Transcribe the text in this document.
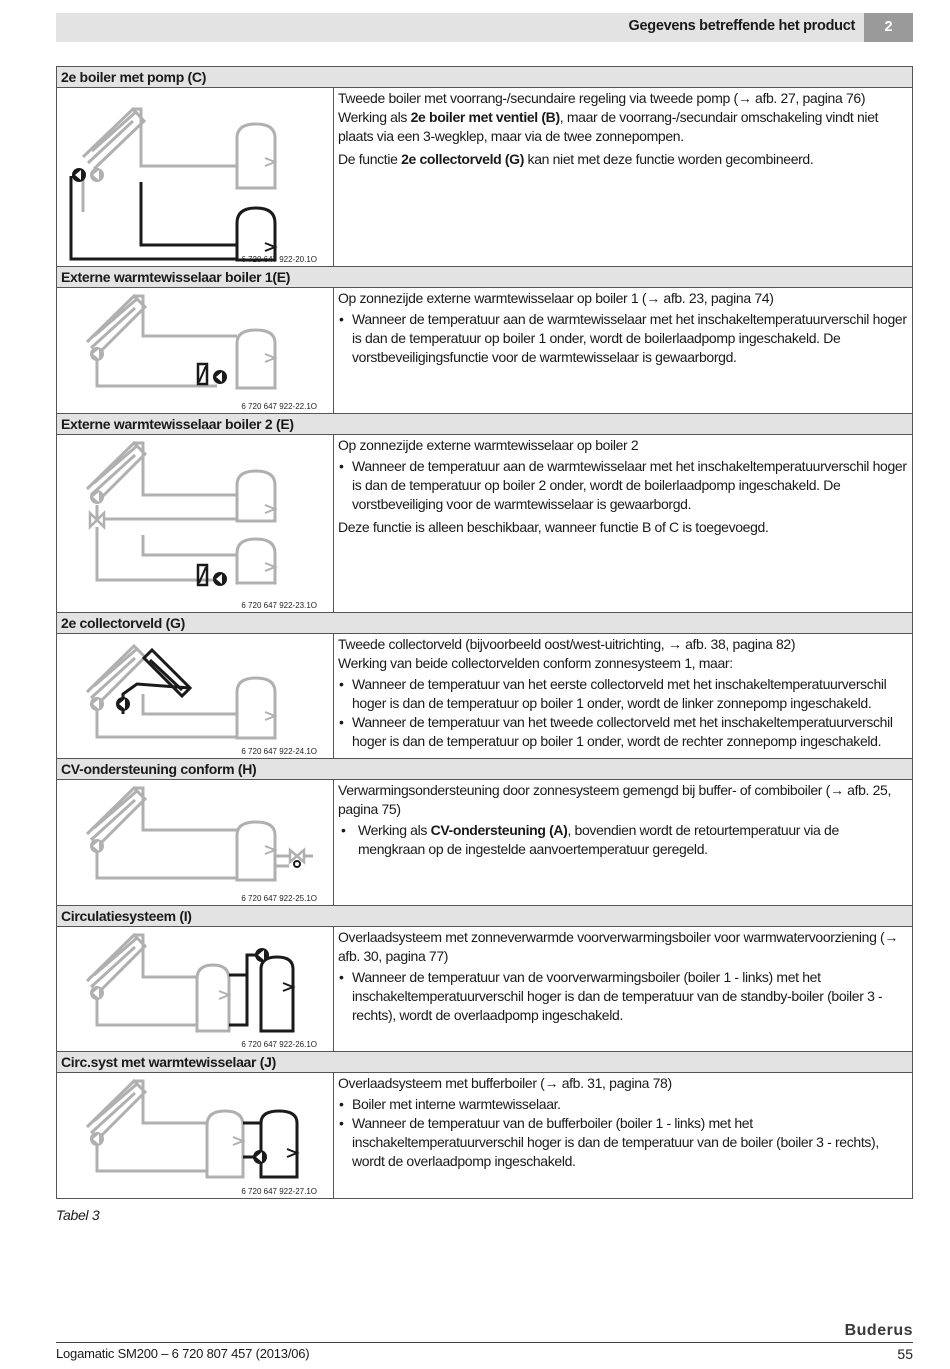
Gegevens betreffende het product	2
2e boiler met pomp (C)
6 720 647 922-20.1O

Tweede boiler met voorrang-/secundaire regeling via tweede pomp (→ afb. 27, pagina 76)

Werking als 2e boiler met ventiel (B), maar de voorrang-/secundair omschakeling vindt niet plaats via een 3-wegklep, maar via de twee zonnepompen.

De functie 2e collectorveld (G) kan niet met deze functie worden gecombineerd.

Externe warmtewisselaar boiler 1(E)
6 720 647 922-22.1O

Op zonnezijde externe warmtewisselaar op boiler 1 (→ afb. 23, pagina 74)

• Wanneer de temperatuur aan de warmtewisselaar met het inschakeltemperatuurverschil hoger is dan de temperatuur op boiler 1 onder, wordt de boilerlaadpomp ingeschakeld. De vorstbeveiligingsfunctie voor de warmtewisselaar is gewaarborgd.
Externe warmtewisselaar boiler 2 (E)
6 720 647 922-23.1O

Op zonnezijde externe warmtewisselaar op boiler 2

• Wanneer de temperatuur aan de warmtewisselaar met het inschakeltemperatuurverschil hoger is dan de temperatuur op boiler 2 onder, wordt de boilerlaadpomp ingeschakeld. De vorstbeveiliging voor de warmtewisselaar is gewaarborgd.

Deze functie is alleen beschikbaar, wanneer functie B of C is toegevoegd.

2e collectorveld (G)
6 720 647 922-24.1O

Tweede collectorveld (bijvoorbeeld oost/west-uitrichting, → afb. 38, pagina 82)

Werking van beide collectorvelden conform zonnesysteem 1, maar:

• Wanneer de temperatuur van het eerste collectorveld met het inschakeltemperatuurverschil hoger is dan de temperatuur op boiler 1 onder, wordt de linker zonnepomp ingeschakeld.
• Wanneer de temperatuur van het tweede collectorveld met het inschakeltemperatuurverschil hoger is dan de temperatuur op boiler 1 onder, wordt de rechter zonnepomp ingeschakeld.
CV-ondersteuning conform (H)
6 720 647 922-25.1O

Verwarmingsondersteuning door zonnesysteem gemengd bij buffer- of combiboiler (→ afb. 25, pagina 75)

• Werking als CV-ondersteuning (A), bovendien wordt de retourtemperatuur via de mengkraan op de ingestelde aanvoertemperatuur geregeld.
Circulatiesysteem (I)
6 720 647 922-26.1O

Overlaadsysteem met zonneverwarmde voorverwarmingsboiler voor warmwatervoorziening (→ afb. 30, pagina 77)

• Wanneer de temperatuur van de voorverwarmingsboiler (boiler 1 - links) met het inschakeltemperatuurverschil hoger is dan de temperatuur van de standby-boiler (boiler 3 - rechts), wordt de overlaadpomp ingeschakeld.
Circ.syst met warmtewisselaar (J)
6 720 647 922-27.1O

Overlaadsysteem met bufferboiler (→ afb. 31, pagina 78)

• Boiler met interne warmtewisselaar.
• Wanneer de temperatuur van de bufferboiler (boiler 1 - links) met het inschakeltemperatuurverschil hoger is dan de temperatuur van de boiler (boiler 3 - rechts), wordt de overlaadpomp ingeschakeld.
Tabel 3
Buderus
Logamatic SM200 – 6 720 807 457 (2013/06)	55
